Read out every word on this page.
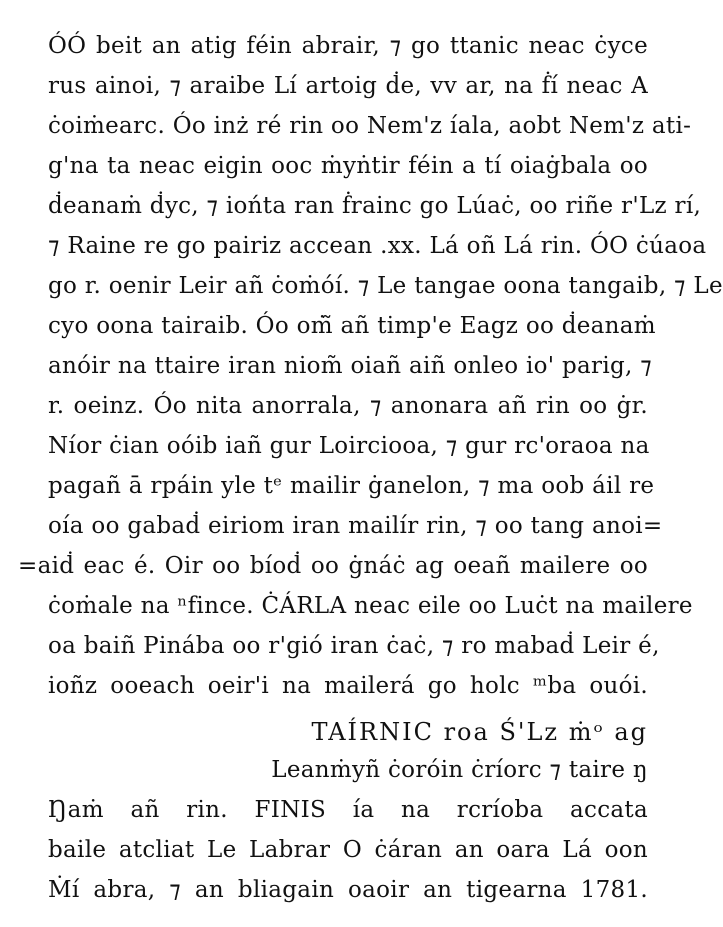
ÓÓ beit an atig féin abrair, ⁊ go ttanic neac ċyce
rus ainoi, ⁊ araibe Lí artoig ḋe, vv ar, na ḟí neac A
ċoiṁearc. Óo inż ré rin oo Nem'z íala, aobt Nem'z ati-
g'na ta neac eigin ooc ṁyṅtir féin a tí oiaġbala oo
ḋeanaṁ ḋyc, ⁊ iońta ran ḟrainc go Lúaċ, oo riñe r'Lz rí,
⁊ Raine re go pairiz accean .xx. Lá oñ Lá rin. ÓO ċúaoa
go r. oenir Leir añ ċoṁóí. ⁊ Le tangae oona tangaib, ⁊ Le
cyo oona tairaib. Óo oṁ̃ añ timp'e Eagz oo ḋeanaṁ
anóir na ttaire iran niom̃ oiañ aiñ onleo io' parig, ⁊
r. oeinz. Óo nita anorrala, ⁊ anonara añ rin oo ġr.
Níor ċian oóib iañ gur Loirciooa, ⁊ gur rc'oraoa na
pagañ ā rpáin yle tᵉ mailir ġanelon, ⁊ ma oob áil re
oía oo gabaḋ eiriom iran mailír rin, ⁊ oo tang anoi=
=aiḋ eac é. Oir oo bíoḋ oo ġnáċ ag oeañ mailere oo
ċoṁale na ⁿfince. ĊÁRLA neac eile oo Luċt na mailere
oa baiñ Pinába oo r'gió iran ċaċ, ⁊ ro mabaḋ Leir é,
ioñz ooeach oeir'i na mailerá go holc ᵐba ouói.
TAÍRNIC roa Ś'Lz ṁᵒ ag
Leanṁyñ ċoróin ċríorc ⁊ taire ŋ
Ŋaṁ añ rin. FINIS ía na rcríoba accata
baile atcliat Le Labrar O ċáran an oara Lá oon
Ṁí abra, ⁊ an bliagain oaoir an tigearna 1781.
